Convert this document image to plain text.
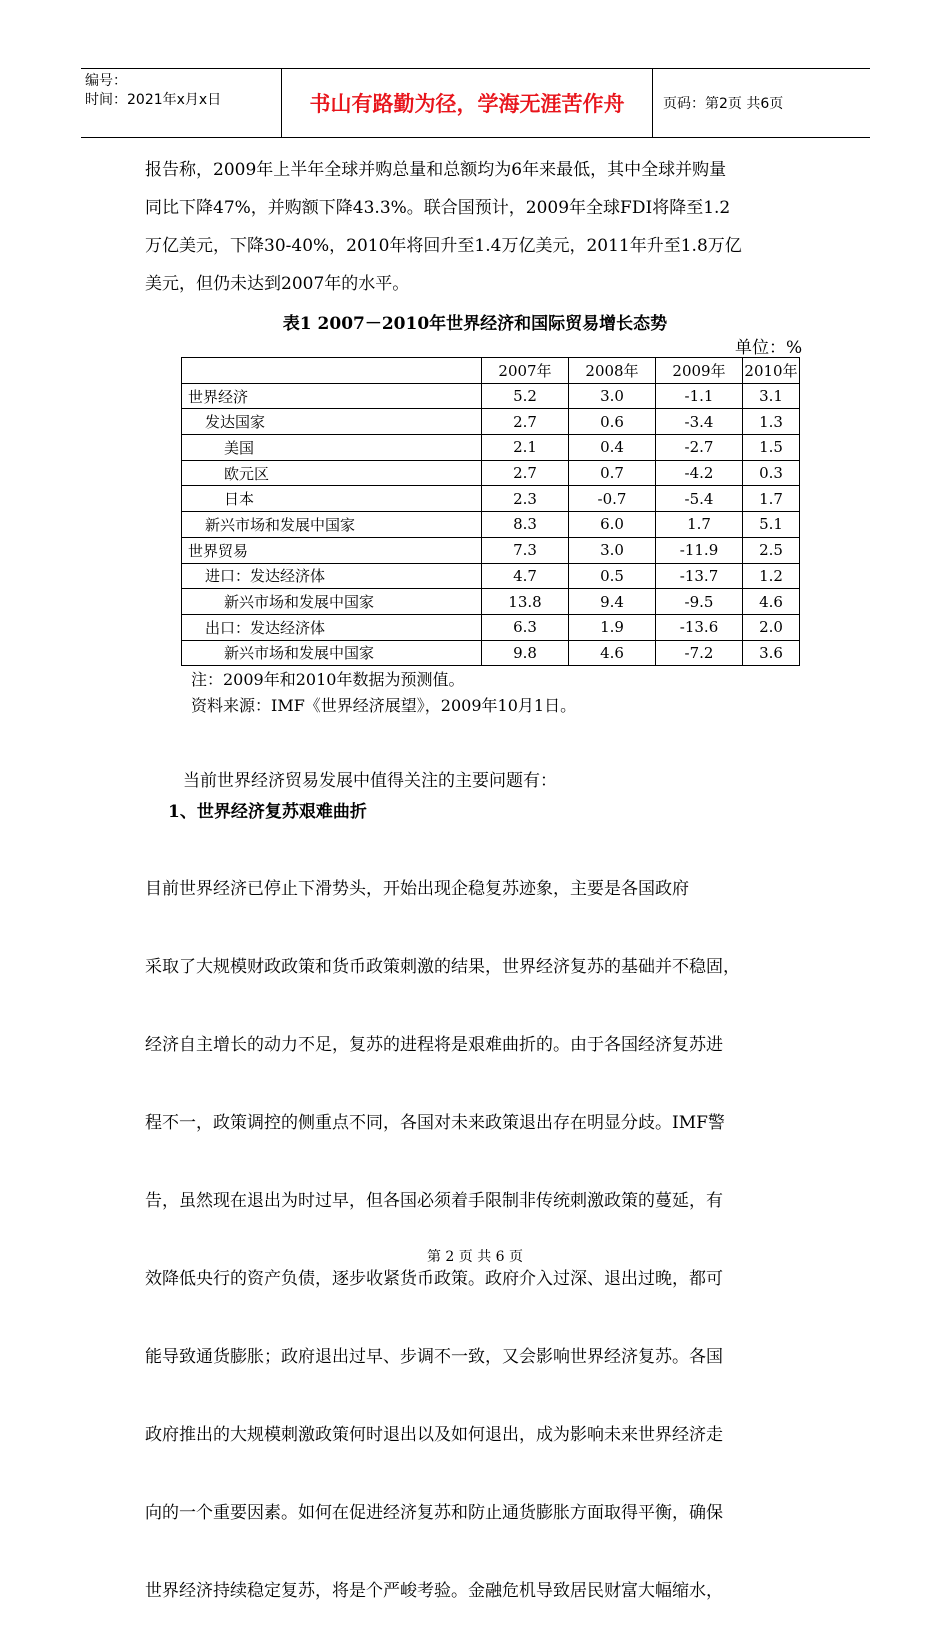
编号：
时间：2021年x月x日	书山有路勤为径，学海无涯苦作舟	页码：第2页 共6页
报告称，2009年上半年全球并购总量和总额均为6年来最低，其中全球并购量
同比下降47%，并购额下降43.3%。联合国预计，2009年全球FDI将降至1.2
万亿美元，下降30-40%，2010年将回升至1.4万亿美元，2011年升至1.8万亿
美元，但仍未达到2007年的水平。
表1 2007－2010年世界经济和国际贸易增长态势
单位：%
	2007年	2008年	2009年	2010年
世界经济	5.2	3.0	-1.1	3.1
发达国家	2.7	0.6	-3.4	1.3
美国	2.1	0.4	-2.7	1.5
欧元区	2.7	0.7	-4.2	0.3
日本	2.3	-0.7	-5.4	1.7
新兴市场和发展中国家	8.3	6.0	1.7	5.1
世界贸易	7.3	3.0	-11.9	2.5
进口：发达经济体	4.7	0.5	-13.7	1.2
新兴市场和发展中国家	13.8	9.4	-9.5	4.6
出口：发达经济体	6.3	1.9	-13.6	2.0
新兴市场和发展中国家	9.8	4.6	-7.2	3.6
注：2009年和2010年数据为预测值。
资料来源：IMF《世界经济展望》，2009年10月1日。
当前世界经济贸易发展中值得关注的主要问题有：
1、世界经济复苏艰难曲折

目前世界经济已停止下滑势头，开始出现企稳复苏迹象，主要是各国政府

采取了大规模财政政策和货币政策刺激的结果，世界经济复苏的基础并不稳固，

经济自主增长的动力不足，复苏的进程将是艰难曲折的。由于各国经济复苏进

程不一，政策调控的侧重点不同，各国对未来政策退出存在明显分歧。IMF警

告，虽然现在退出为时过早，但各国必须着手限制非传统刺激政策的蔓延，有

效降低央行的资产负债，逐步收紧货币政策。政府介入过深、退出过晚，都可

能导致通货膨胀；政府退出过早、步调不一致，又会影响世界经济复苏。各国

政府推出的大规模刺激政策何时退出以及如何退出，成为影响未来世界经济走

向的一个重要因素。如何在促进经济复苏和防止通货膨胀方面取得平衡，确保

世界经济持续稳定复苏，将是个严峻考验。金融危机导致居民财富大幅缩水，

第 2 页 共 6 页
